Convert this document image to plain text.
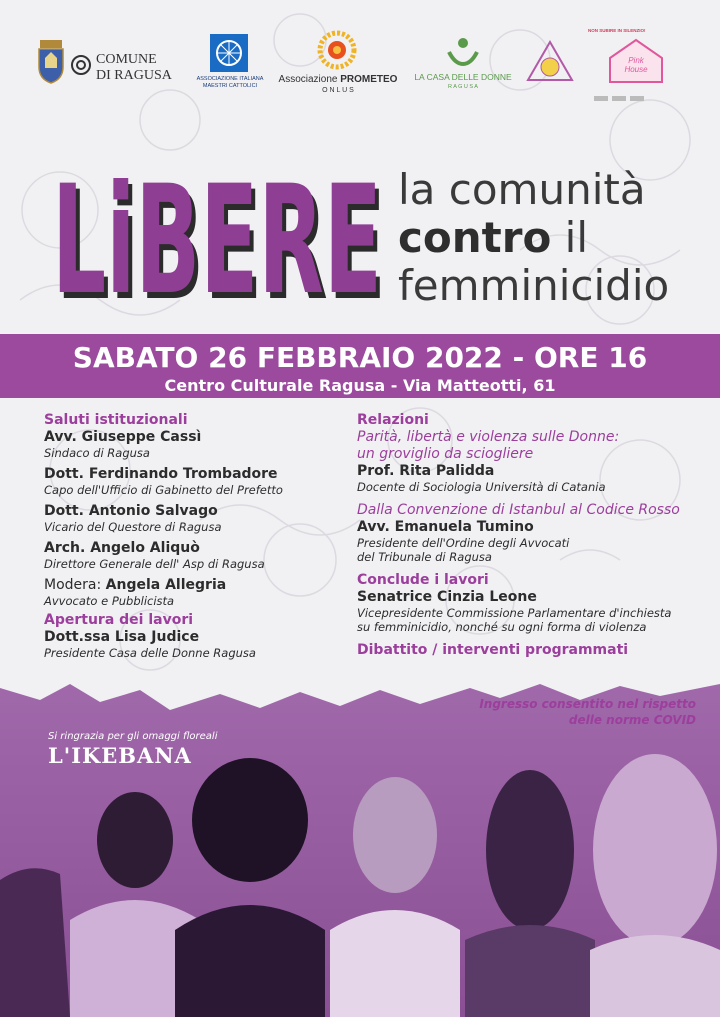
COMUNE
DI RAGUSA	ASSOCIAZIONE ITALIANA
MAESTRI CATTOLICI
Associazione PROMETEO
O N L U S
LA CASA DELLE DONNE
R A G U S A
NON SUBIRE IN SILENZIO!
Pink House
LiBERE
LiBERE la comunità
contro il
femminicidio
SABATO 26 FEBBRAIO 2022 - ORE 16
Centro Culturale Ragusa - Via Matteotti, 61
Saluti istituzionali
Avv. Giuseppe Cassì
Sindaco di Ragusa
Dott. Ferdinando Trombadore
Capo dell'Ufficio di Gabinetto del Prefetto
Dott. Antonio Salvago
Vicario del Questore di Ragusa
Arch. Angelo Aliquò
Direttore Generale dell' Asp di Ragusa
Modera: Angela Allegria
Avvocato e Pubblicista
Apertura dei lavori
Dott.ssa Lisa Judice
Presidente Casa delle Donne Ragusa
Relazioni
Parità, libertà e violenza sulle Donne:
un groviglio da sciogliere
Prof. Rita Palidda
Docente di Sociologia Università di Catania
Dalla Convenzione di Istanbul al Codice Rosso
Avv. Emanuela Tumino
Presidente dell'Ordine degli Avvocati
del Tribunale di Ragusa
Conclude i lavori
Senatrice Cinzia Leone
Vicepresidente Commissione Parlamentare d'inchiesta
su femminicidio, nonché su ogni forma di violenza
Dibattito / interventi programmati
Ingresso consentito nel rispetto
delle norme COVID
Si ringrazia per gli omaggi floreali
L'IKEBANA
